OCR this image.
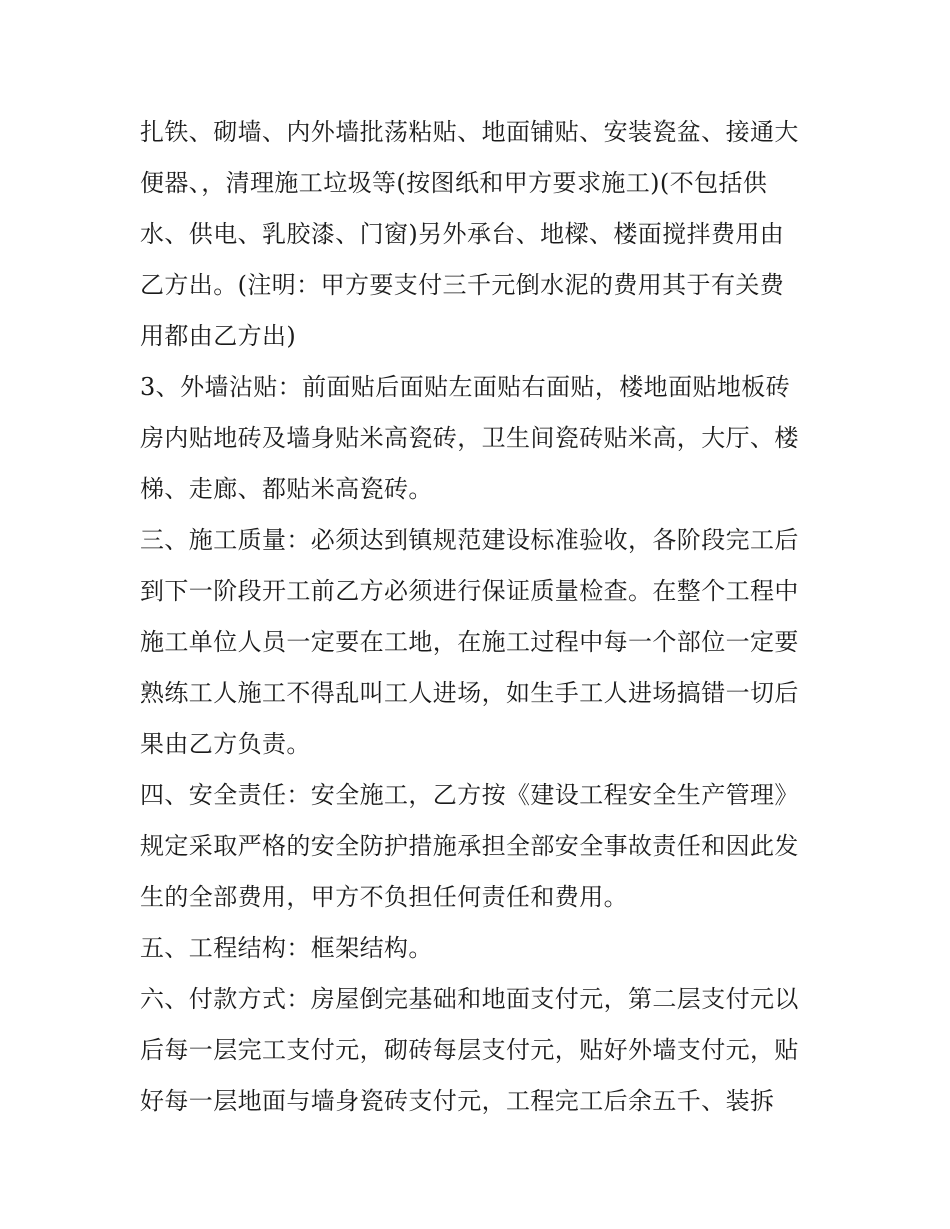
扎铁、砌墙、内外墙批荡粘贴、地面铺贴、安装瓷盆、接通大
便器、，清理施工垃圾等(按图纸和甲方要求施工)(不包括供
水、供电、乳胶漆、门窗)另外承台、地樑、楼面搅拌费用由
乙方出。(注明：甲方要支付三千元倒水泥的费用其于有关费
用都由乙方出)
3、外墙沾贴：前面贴后面贴左面贴右面贴，楼地面贴地板砖
房内贴地砖及墙身贴米高瓷砖，卫生间瓷砖贴米高，大厅、楼
梯、走廊、都贴米高瓷砖。
三、施工质量：必须达到镇规范建设标准验收，各阶段完工后
到下一阶段开工前乙方必须进行保证质量检查。在整个工程中
施工单位人员一定要在工地，在施工过程中每一个部位一定要
熟练工人施工不得乱叫工人进场，如生手工人进场搞错一切后
果由乙方负责。
四、安全责任：安全施工，乙方按《建设工程安全生产管理》
规定采取严格的安全防护措施承担全部安全事故责任和因此发
生的全部费用，甲方不负担任何责任和费用。
五、工程结构：框架结构。
六、付款方式：房屋倒完基础和地面支付元，第二层支付元以
后每一层完工支付元，砌砖每层支付元，贴好外墙支付元，贴
好每一层地面与墙身瓷砖支付元，工程完工后余五千、装拆
